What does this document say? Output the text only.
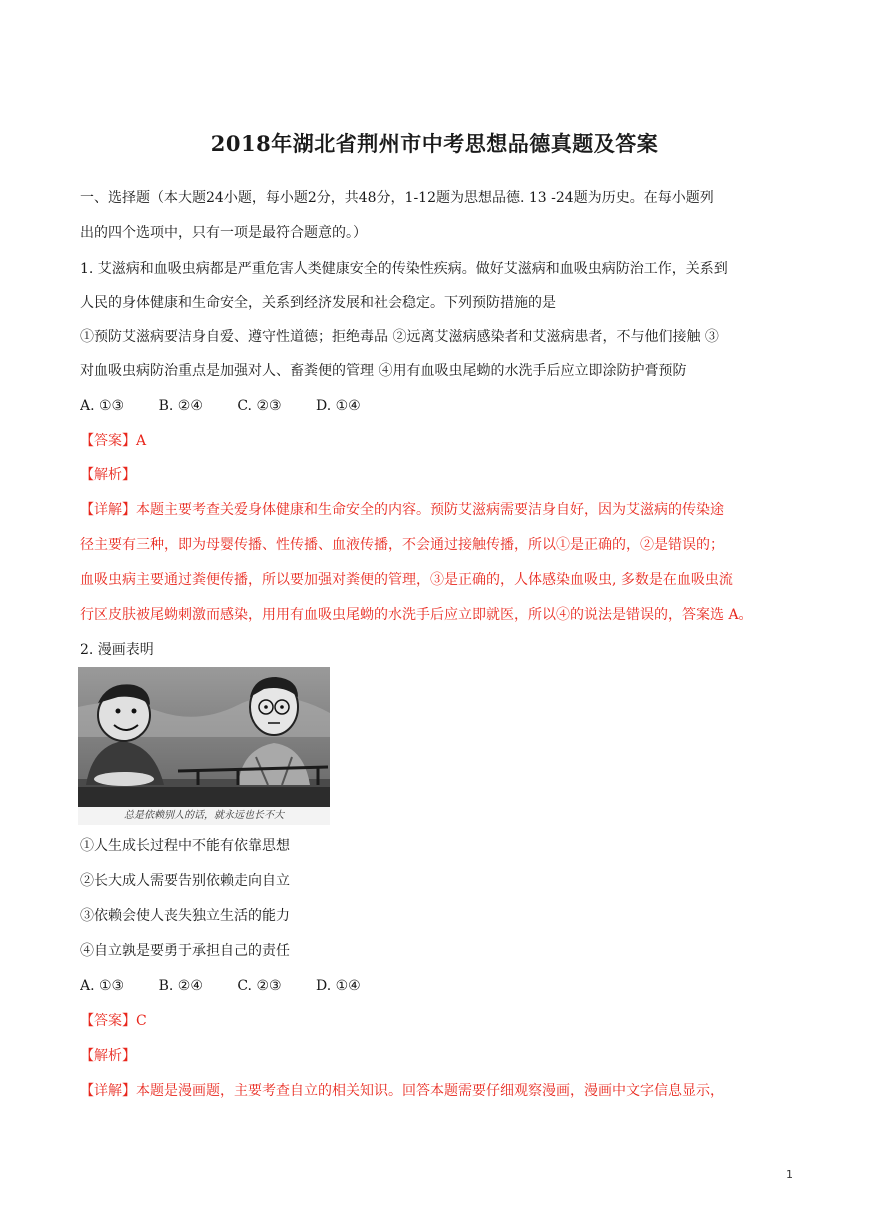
2018年湖北省荆州市中考思想品德真题及答案
一、选择题（本大题24小题，每小题2分，共48分，1-12题为思想品德. 13 -24题为历史。在每小题列
出的四个选项中，只有一项是最符合题意的。）
1. 艾滋病和血吸虫病都是严重危害人类健康安全的传染性疾病。做好艾滋病和血吸虫病防治工作，关系到
人民的身体健康和生命安全，关系到经济发展和社会稳定。下列预防措施的是
①预防艾滋病要洁身自爱、遵守性道德；拒绝毒品 ②远离艾滋病感染者和艾滋病患者，不与他们接触 ③
对血吸虫病防治重点是加强对人、畜粪便的管理 ④用有血吸虫尾蚴的水洗手后应立即涂防护膏预防
A. ①③ B. ②④ C. ②③ D. ①④
【答案】A
【解析】
【详解】本题主要考查关爱身体健康和生命安全的内容。预防艾滋病需要洁身自好，因为艾滋病的传染途
径主要有三种，即为母婴传播、性传播、血液传播，不会通过接触传播，所以①是正确的，②是错误的；
血吸虫病主要通过粪便传播，所以要加强对粪便的管理，③是正确的，人体感染血吸虫, 多数是在血吸虫流
行区皮肤被尾蚴刺激而感染，用用有血吸虫尾蚴的水洗手后应立即就医，所以④的说法是错误的，答案选 A。
2. 漫画表明
总是依赖别人的话，就永远也长不大
①人生成长过程中不能有依靠思想
②长大成人需要告别依赖走向自立
③依赖会使人丧失独立生活的能力
④自立孰是要勇于承担自己的责任
A. ①③ B. ②④ C. ②③ D. ①④
【答案】C
【解析】
【详解】本题是漫画题，主要考查自立的相关知识。回答本题需要仔细观察漫画，漫画中文字信息显示，
1
